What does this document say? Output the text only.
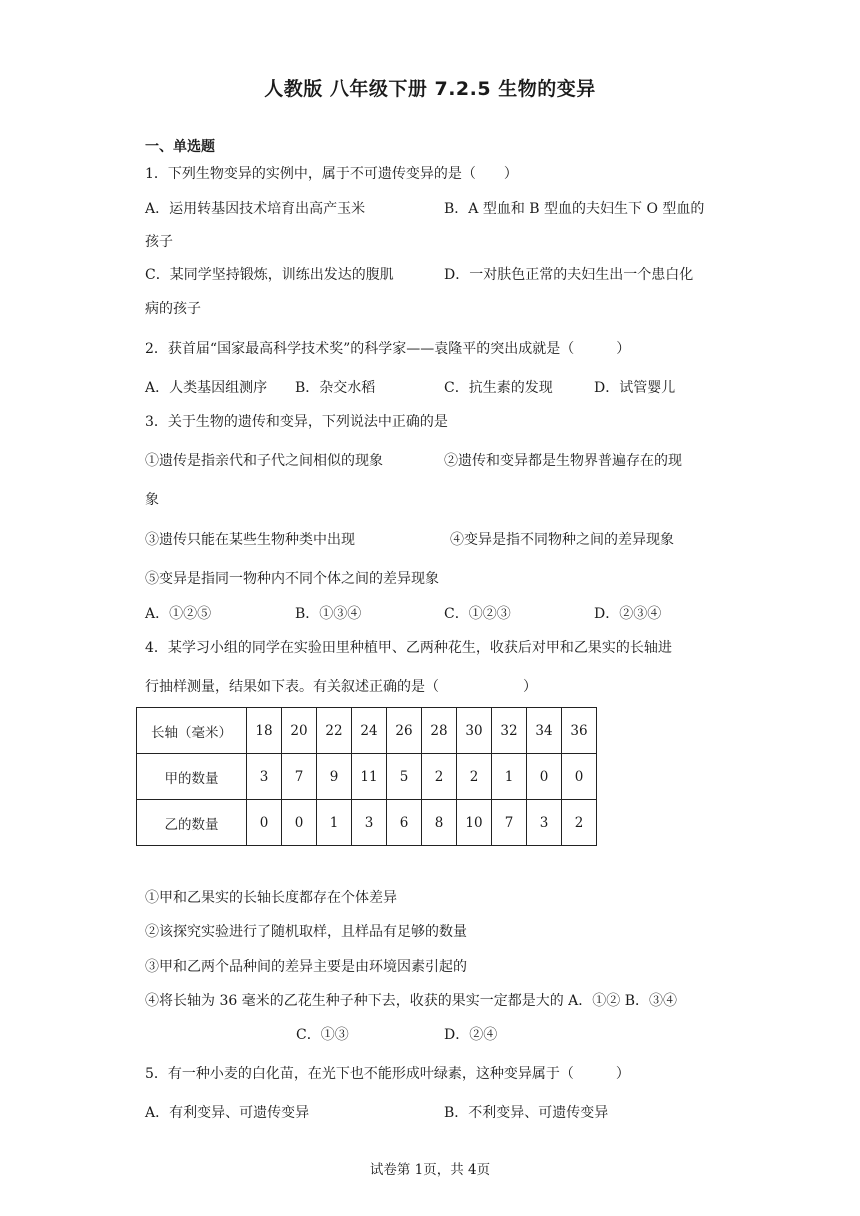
人教版 八年级下册 7.2.5 生物的变异
一、单选题
1．下列生物变异的实例中，属于不可遗传变异的是（　　）
A．运用转基因技术培育出高产玉米	B．A 型血和 B 型血的夫妇生下 O 型血的
孩子
C．某同学坚持锻炼，训练出发达的腹肌	D．一对肤色正常的夫妇生出一个患白化
病的孩子
2．获首届“国家最高科学技术奖”的科学家——袁隆平的突出成就是（　　　）
A．人类基因组测序 B．杂交水稻	C．抗生素的发现	D．试管婴儿
3．关于生物的遗传和变异，下列说法中正确的是
①遗传是指亲代和子代之间相似的现象	②遗传和变异都是生物界普遍存在的现
象
③遗传只能在某些生物种类中出现	④变异是指不同物种之间的差异现象
⑤变异是指同一物种内不同个体之间的差异现象
A．①②⑤	B．①③④	C．①②③	D．②③④
4．某学习小组的同学在实验田里种植甲、乙两种花生，收获后对甲和乙果实的长轴进
行抽样测量，结果如下表。有关叙述正确的是（　　　　　　）
长轴（毫米）	18	20	22	24	26	28	30	32	34	36
甲的数量	3	7	9	11	5	2	2	1	0	0
乙的数量	0	0	1	3	6	8	10	7	3	2
①甲和乙果实的长轴长度都存在个体差异
②该探究实验进行了随机取样，且样品有足够的数量
③甲和乙两个品种间的差异主要是由环境因素引起的
④将长轴为 36 毫米的乙花生种子种下去，收获的果实一定都是大的 A．①② B．③④
C．①③	D．②④
5．有一种小麦的白化苗，在光下也不能形成叶绿素，这种变异属于（　　　）
A．有利变异、可遗传变异	B．不利变异、可遗传变异
试卷第 1页，共 4页
